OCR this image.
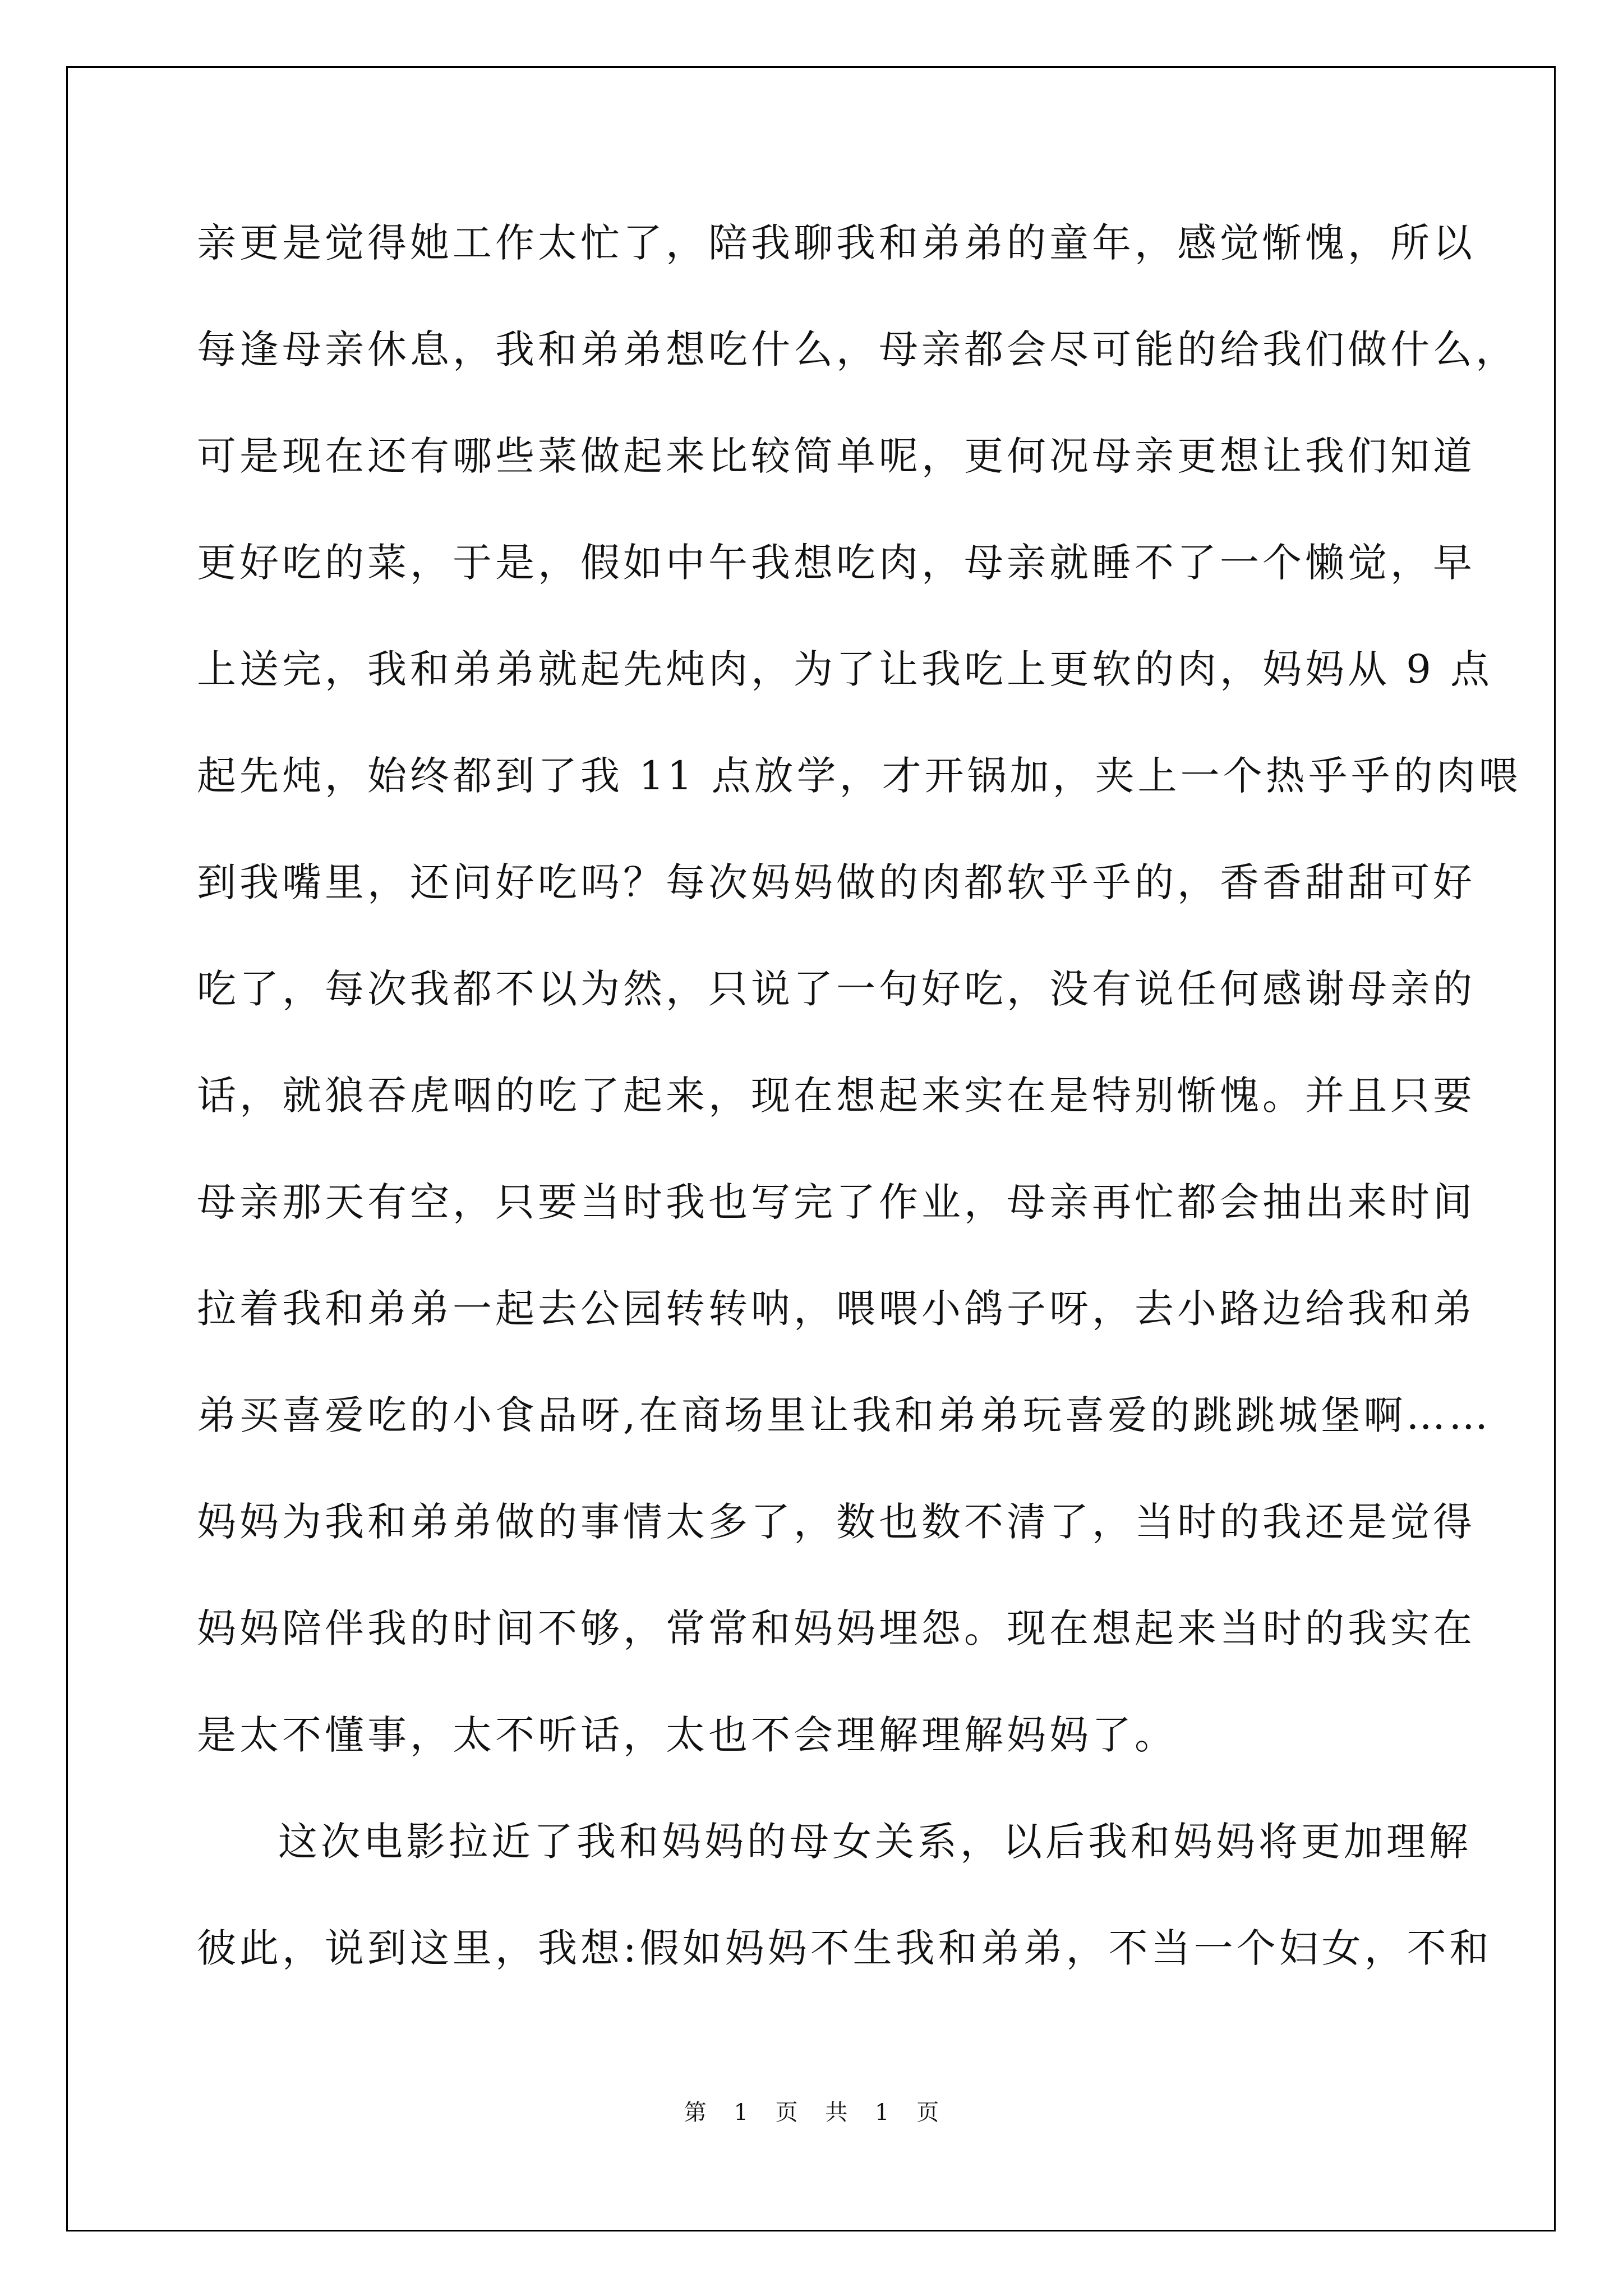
亲更是觉得她工作太忙了，陪我聊我和弟弟的童年，感觉惭愧，所以
每逢母亲休息，我和弟弟想吃什么，母亲都会尽可能的给我们做什么，
可是现在还有哪些菜做起来比较简单呢，更何况母亲更想让我们知道
更好吃的菜，于是，假如中午我想吃肉，母亲就睡不了一个懒觉，早
上送完，我和弟弟就起先炖肉，为了让我吃上更软的肉，妈妈从 9 点
起先炖，始终都到了我 11 点放学，才开锅加，夹上一个热乎乎的肉喂
到我嘴里，还问好吃吗？每次妈妈做的肉都软乎乎的，香香甜甜可好
吃了，每次我都不以为然，只说了一句好吃，没有说任何感谢母亲的
话，就狼吞虎咽的吃了起来，现在想起来实在是特别惭愧。并且只要
母亲那天有空，只要当时我也写完了作业，母亲再忙都会抽出来时间
拉着我和弟弟一起去公园转转呐，喂喂小鸽子呀，去小路边给我和弟
弟买喜爱吃的小食品呀,在商场里让我和弟弟玩喜爱的跳跳城堡啊……
妈妈为我和弟弟做的事情太多了，数也数不清了，当时的我还是觉得
妈妈陪伴我的时间不够，常常和妈妈埋怨。现在想起来当时的我实在
是太不懂事，太不听话，太也不会理解理解妈妈了。
这次电影拉近了我和妈妈的母女关系，以后我和妈妈将更加理解
彼此，说到这里，我想:假如妈妈不生我和弟弟，不当一个妇女，不和
第 1 页 共 1 页
